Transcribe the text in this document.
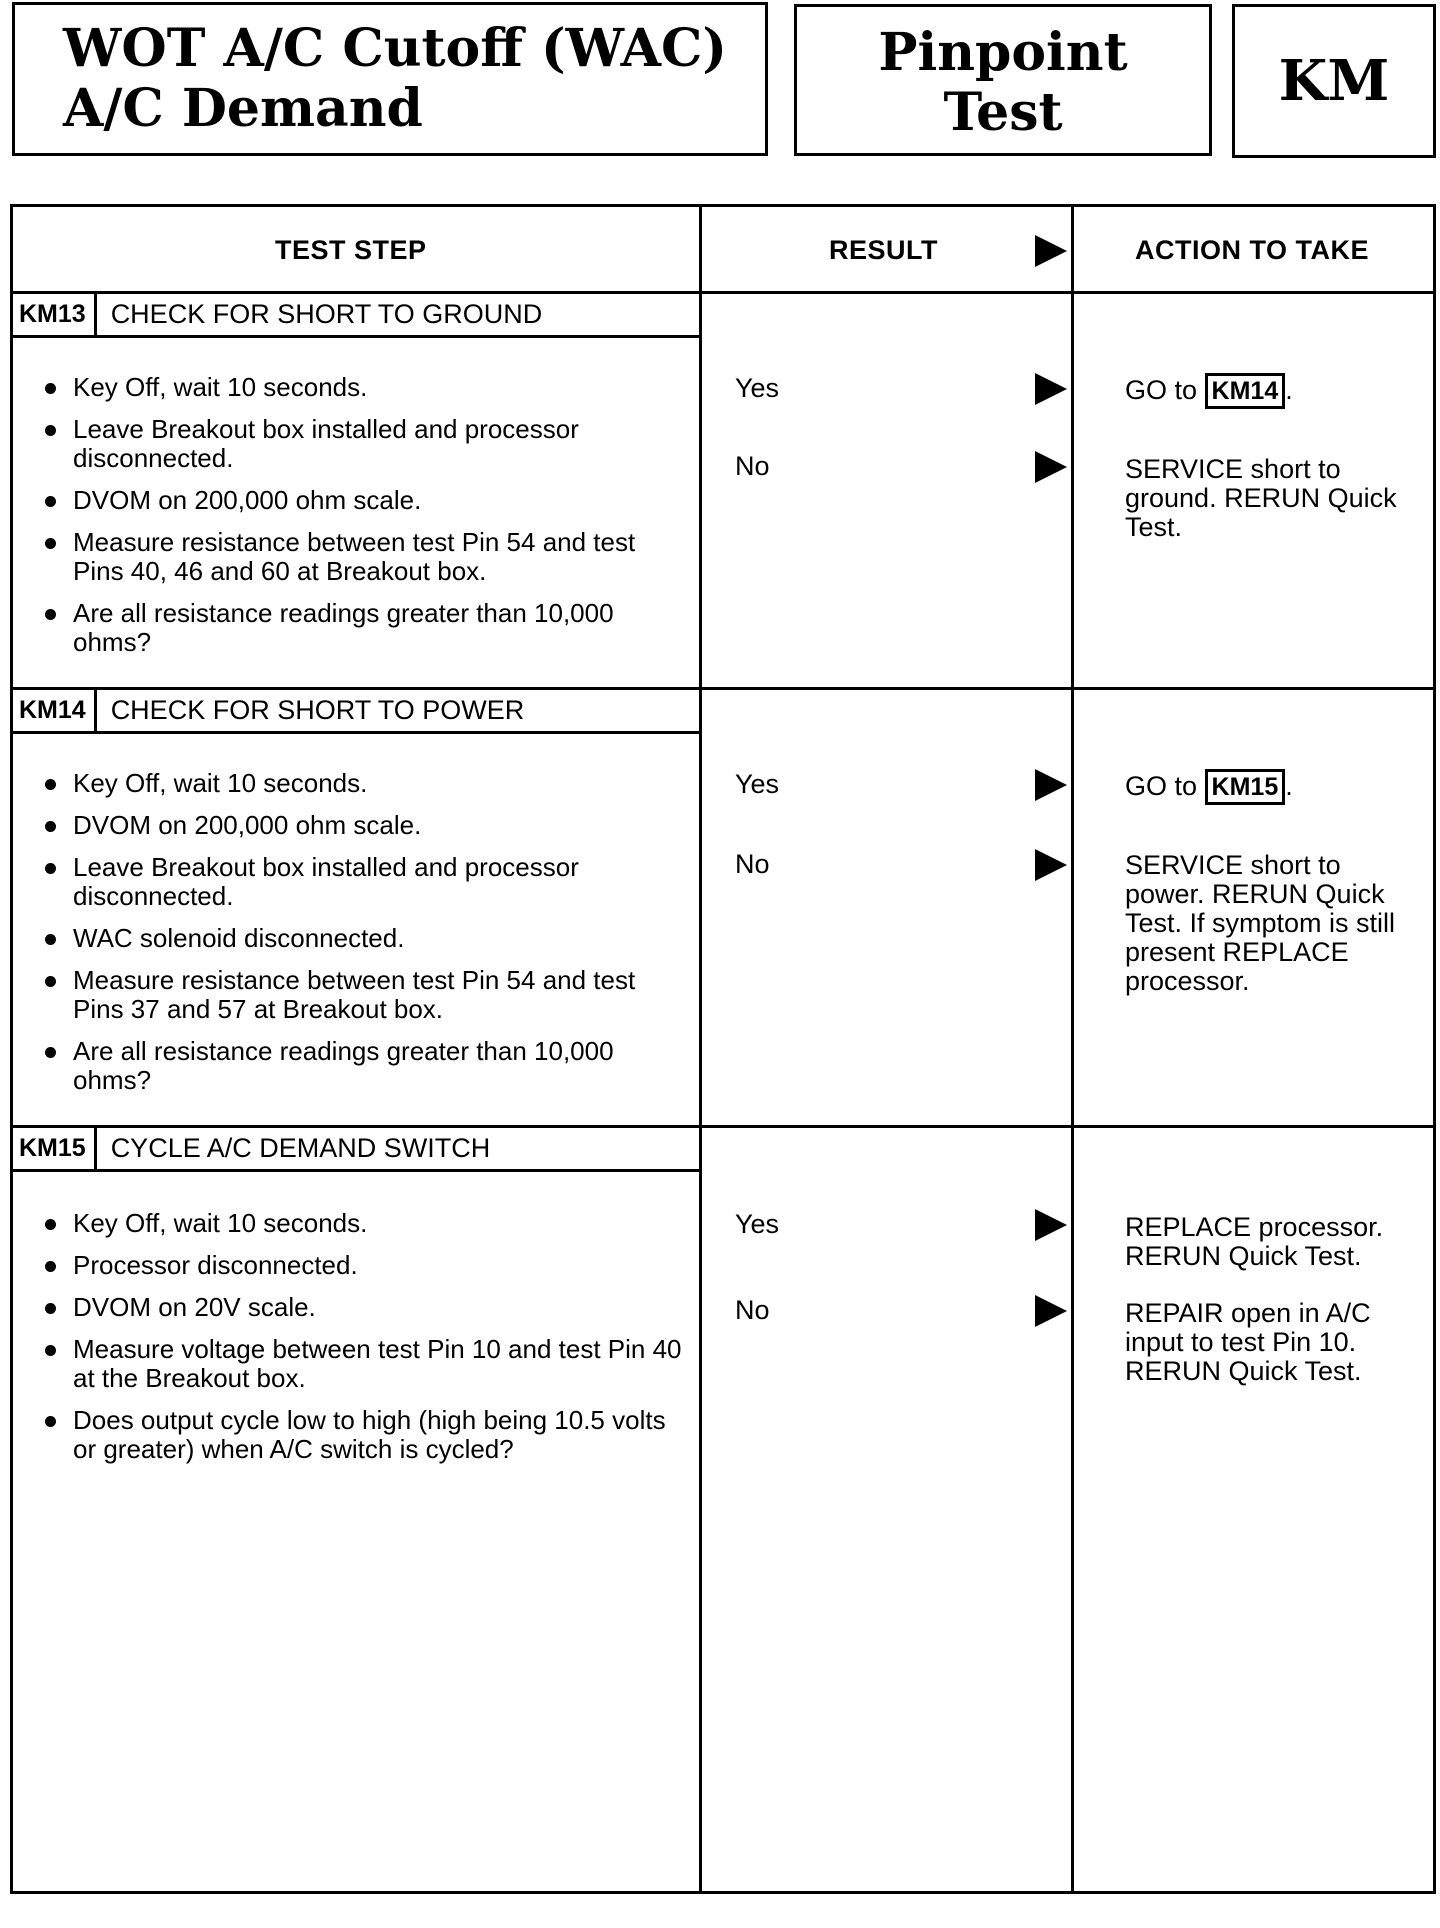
WOT A/C Cutoff (WAC)
A/C Demand
Pinpoint
Test	KM
TEST STEP	RESULT	ACTION TO TAKE
KM13 CHECK FOR SHORT TO GROUND
Key Off, wait 10 seconds.
Leave Breakout box installed and processor disconnected.
DVOM on 200,000 ohm scale.
Measure resistance between test Pin 54 and test Pins 40, 46 and 60 at Breakout box.
Are all resistance readings greater than 10,000 ohms?
Yes	GO to KM14 .
No	SERVICE short to ground. RERUN Quick Test.
KM14 CHECK FOR SHORT TO POWER
Key Off, wait 10 seconds.
DVOM on 200,000 ohm scale.
Leave Breakout box installed and processor disconnected.
WAC solenoid disconnected.
Measure resistance between test Pin 54 and test Pins 37 and 57 at Breakout box.
Are all resistance readings greater than 10,000 ohms?
Yes	GO to KM15 .
No	SERVICE short to power. RERUN Quick Test. If symptom is still present REPLACE processor.
KM15 CYCLE A/C DEMAND SWITCH
Key Off, wait 10 seconds.
Processor disconnected.
DVOM on 20V scale.
Measure voltage between test Pin 10 and test Pin 40 at the Breakout box.
Does output cycle low to high (high being 10.5 volts or greater) when A/C switch is cycled?
Yes	REPLACE processor. RERUN Quick Test.
No	REPAIR open in A/C input to test Pin 10. RERUN Quick Test.
